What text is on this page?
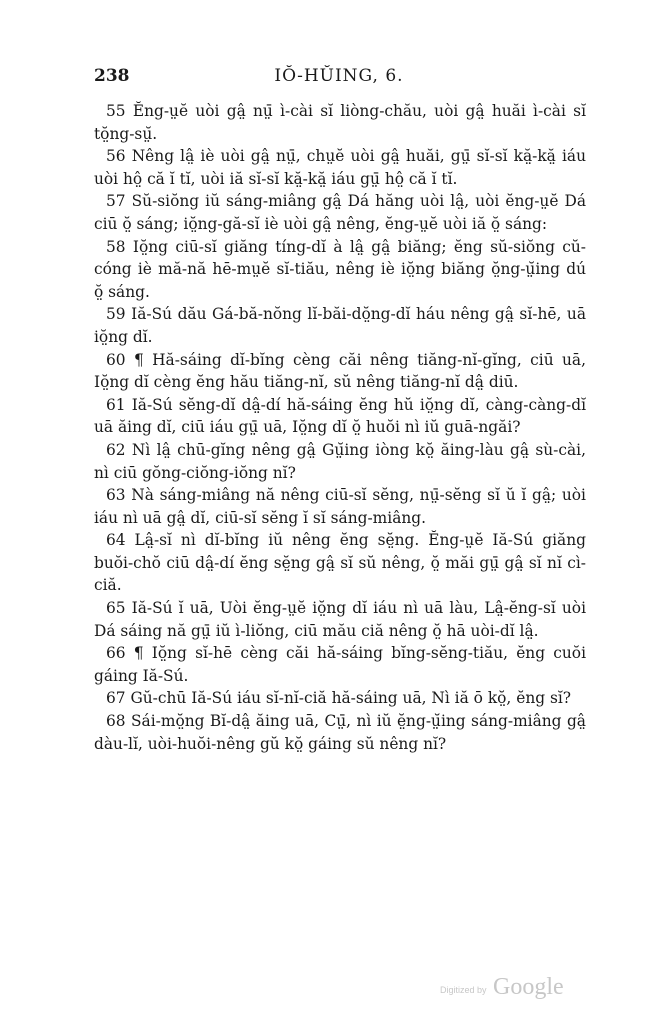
238	IŎ-HŬING, 6.

55 Ĕng-ṳĕ uòi gâ̤ nṳ̄ ì-cài sĭ liòng-chău, uòi gâ̤ huăi ì-cài sĭ tŏ̤ng-sṳ̆.

56 Nêng lâ̤ iè uòi gâ̤ nṳ̄, chṳĕ uòi gâ̤ huăi, gṳ̄ sĭ-sĭ kă̤-kă̤ iáu uòi hô̤ că ĭ tĭ, uòi iă sĭ-sĭ kă̤-kă̤ iáu gṳ̄ hô̤ că ĭ tĭ.

57 Sŭ-siŏng iŭ sáng-miâng gâ̤ Dá hăng uòi lâ̤, uòi ĕng-ṳĕ Dá ciū ŏ̤ sáng; iŏ̤ng-gă-sĭ iè uòi gâ̤ nêng, ĕng-ṳĕ uòi iă ŏ̤ sáng:

58 Iŏ̤ng ciū-sĭ giăng tíng-dĭ à lâ̤ gâ̤ biăng; ĕng sŭ-siŏng cŭ-cóng iè mă-nă hē-mṳĕ sĭ-tiău, nêng iè iŏ̤ng biăng ŏ̤ng-ṳ̆ing dú ŏ̤ sáng.

59 Iă-Sú dău Gá-bă-nŏng lĭ-băi-dŏ̤ng-dĭ háu nêng gâ̤ sĭ-hē, uā iŏ̤ng dĭ.

60 ¶ Hă-sáing dĭ-bĭng cèng căi nêng tiăng-nĭ-gĭng, ciū uā, Iŏ̤ng dĭ cèng ĕng hău tiăng-nĭ, sŭ nêng tiăng-nĭ dâ̤ diū.

61 Iă-Sú sĕng-dĭ dâ̤-dí hă-sáing ĕng hŭ iŏ̤ng dĭ, càng-càng-dĭ uā ăing dĭ, ciū iáu gṳ̄ uā, Iŏ̤ng dĭ ŏ̤ huŏi nì iŭ guā-ngăi?

62 Nì lâ̤ chū-gĭng nêng gâ̤ Gṳ̆ing iòng kŏ̤ ăing-làu gâ̤ sù-cài, nì ciū gŏng-ciŏng-iŏng nĭ?

63 Nà sáng-miâng nă nêng ciū-sĭ sĕng, nṳ̄-sĕng sĭ ŭ ĭ gâ̤; uòi iáu nì uā gâ̤ dĭ, ciū-sĭ sĕng ĭ sĭ sáng-miâng.

64 Lâ̤-sĭ nì dĭ-bĭng iŭ nêng ĕng sĕ̤ng. Ĕng-ṳĕ Iă-Sú giăng buŏi-chŏ ciū dâ̤-dí ĕng sĕ̤ng gâ̤ sĭ sŭ nêng, ŏ̤ măi gṳ̄ gâ̤ sĭ nĭ cì-ciă.

65 Iă-Sú ĭ uā, Uòi ĕng-ṳĕ iŏ̤ng dĭ iáu nì uā làu, Lâ̤-ĕng-sĭ uòi Dá sáing nă gṳ̄ iŭ ì-liŏng, ciū mău ciă nêng ŏ̤ hā uòi-dĭ lâ̤.

66 ¶ Iŏ̤ng sĭ-hē cèng căi hă-sáing bĭng-sĕng-tiău, ĕng cuŏi gáing Iă-Sú.

67 Gŭ-chū Iă-Sú iáu sĭ-nĭ-ciă hă-sáing uā, Nì iă ō kŏ̤, ĕng sĭ?

68 Sái-mŏ̤ng Bĭ-dâ̤ ăing uā, Cṳ̄, nì iŭ ĕ̤ng-ṳ̆ing sáng-miâng gâ̤ dàu-lĭ, uòi-huŏi-nêng gŭ kŏ̤ gáing sŭ nêng nĭ?

Digitized by Google
